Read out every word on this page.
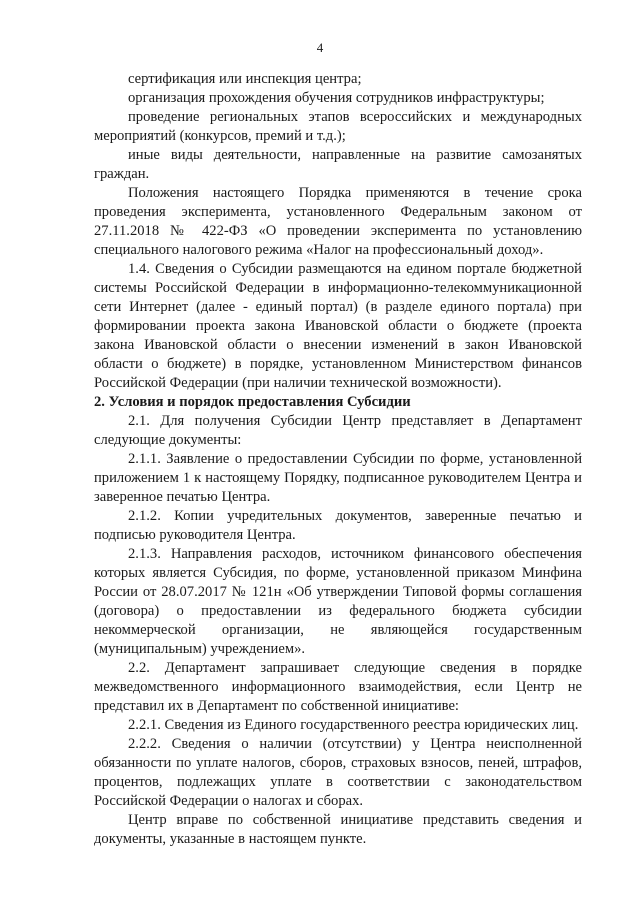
4

сертификация или инспекция центра;

организация прохождения обучения сотрудников инфраструктуры;

проведение региональных этапов всероссийских и международных мероприятий (конкурсов, премий и т.д.);

иные виды деятельности, направленные на развитие самозанятых граждан.

Положения настоящего Порядка применяются в течение срока проведения эксперимента, установленного Федеральным законом от 27.11.2018 № 422-ФЗ «О проведении эксперимента по установлению специального налогового режима «Налог на профессиональный доход».

1.4. Сведения о Субсидии размещаются на едином портале бюджетной системы Российской Федерации в информационно-телекоммуникационной сети Интернет (далее - единый портал) (в разделе единого портала) при формировании проекта закона Ивановской области о бюджете (проекта закона Ивановской области о внесении изменений в закон Ивановской области о бюджете) в порядке, установленном Министерством финансов Российской Федерации (при наличии технической возможности).

2. Условия и порядок предоставления Субсидии

2.1. Для получения Субсидии Центр представляет в Департамент следующие документы:

2.1.1. Заявление о предоставлении Субсидии по форме, установленной приложением 1 к настоящему Порядку, подписанное руководителем Центра и заверенное печатью Центра.

2.1.2. Копии учредительных документов, заверенные печатью и подписью руководителя Центра.

2.1.3. Направления расходов, источником финансового обеспечения которых является Субсидия, по форме, установленной приказом Минфина России от 28.07.2017 № 121н «Об утверждении Типовой формы соглашения (договора) о предоставлении из федерального бюджета субсидии некоммерческой организации, не являющейся государственным (муниципальным) учреждением».

2.2. Департамент запрашивает следующие сведения в порядке межведомственного информационного взаимодействия, если Центр не представил их в Департамент по собственной инициативе:

2.2.1. Сведения из Единого государственного реестра юридических лиц.

2.2.2. Сведения о наличии (отсутствии) у Центра неисполненной обязанности по уплате налогов, сборов, страховых взносов, пеней, штрафов, процентов, подлежащих уплате в соответствии с законодательством Российской Федерации о налогах и сборах.

Центр вправе по собственной инициативе представить сведения и документы, указанные в настоящем пункте.
